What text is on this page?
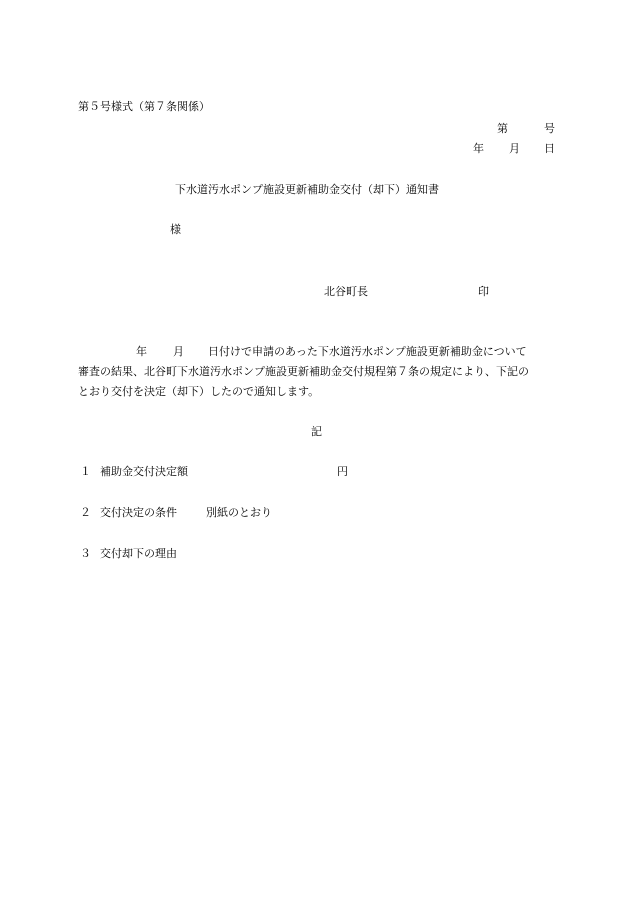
第５号様式（第７条関係）
第	号
年 月 日
下水道汚水ポンプ施設更新補助金交付（却下）通知書
様
北谷町長	印

年 月 日付けで申請のあった下水道汚水ポンプ施設更新補助金について

審査の結果、北谷町下水道汚水ポンプ施設更新補助金交付規程第７条の規定により、下記の

とおり交付を決定（却下）したので通知します。

記
１ 補助金交付決定額	円
２ 交付決定の条件	別紙のとおり
３ 交付却下の理由
